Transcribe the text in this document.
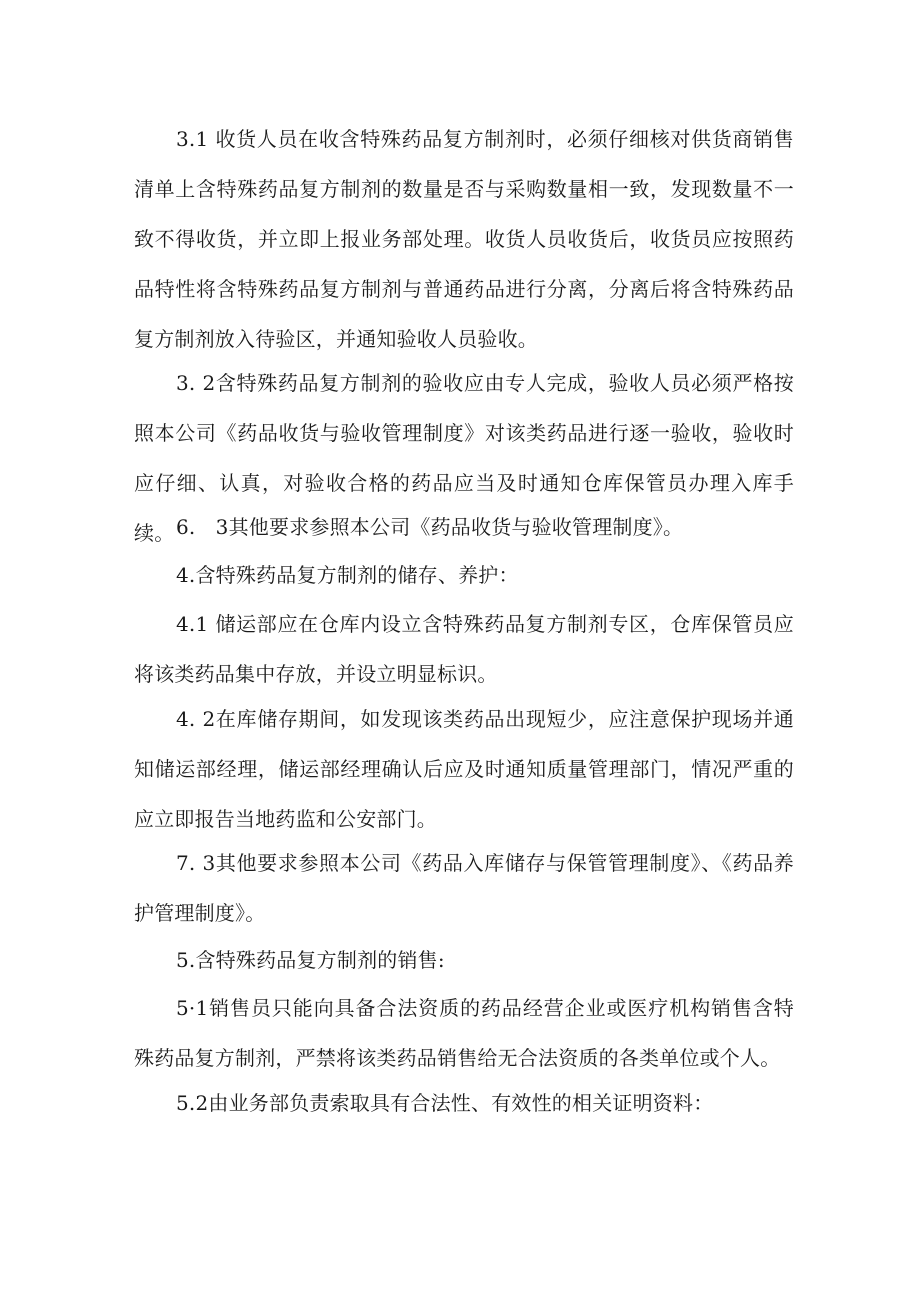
3.1 收货人员在收含特殊药品复方制剂时，必须仔细核对供货商销售清单上含特殊药品复方制剂的数量是否与采购数量相一致，发现数量不一致不得收货，并立即上报业务部处理。收货人员收货后，收货员应按照药品特性将含特殊药品复方制剂与普通药品进行分离，分离后将含特殊药品复方制剂放入待验区，并通知验收人员验收。

3. 2含特殊药品复方制剂的验收应由专人完成，验收人员必须严格按照本公司《药品收货与验收管理制度》对该类药品进行逐一验收，验收时应仔细、认真，对验收合格的药品应当及时通知仓库保管员办理入库手续。 6.　3其他要求参照本公司《药品收货与验收管理制度》。

4.含特殊药品复方制剂的储存、养护：

4.1 储运部应在仓库内设立含特殊药品复方制剂专区，仓库保管员应将该类药品集中存放，并设立明显标识。

4. 2在库储存期间，如发现该类药品出现短少，应注意保护现场并通知储运部经理，储运部经理确认后应及时通知质量管理部门，情况严重的应立即报告当地药监和公安部门。

7. 3其他要求参照本公司《药品入库储存与保管管理制度》、《药品养护管理制度》。

5.含特殊药品复方制剂的销售:

5·1销售员只能向具备合法资质的药品经营企业或医疗机构销售含特殊药品复方制剂，严禁将该类药品销售给无合法资质的各类单位或个人。

5.2由业务部负责索取具有合法性、有效性的相关证明资料：
